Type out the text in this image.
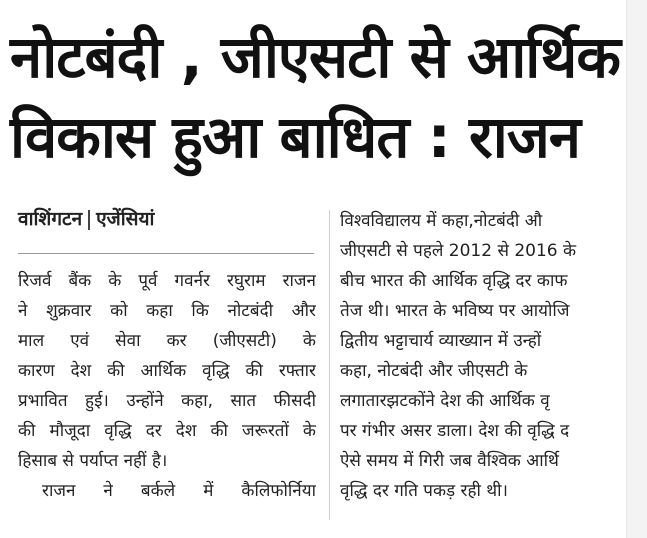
नोटबंदी , जीएसटी से आर्थिक
विकास हुआ बाधित : राजन
वाशिंगटन एजेंसियां
रिजर्व बैंक के पूर्व गवर्नर रघुराम राजन
ने शुक्रवार को कहा कि नोटबंदी और
माल एवं सेवा कर (जीएसटी) के
कारण देश की आर्थिक वृद्धि की रफ्तार
प्रभावित हुई। उन्होंने कहा, सात फीसदी
की मौजूदा वृद्धि दर देश की जरूरतों के
हिसाब से पर्याप्त नहीं है।
राजन ने बर्कले में कैलिफोर्निया
विश्वविद्यालय में कहा,नोटबंदी औ
जीएसटी से पहले 2012 से 2016 के
बीच भारत की आर्थिक वृद्धि दर काफ
तेज थी। भारत के भविष्य पर आयोजि
द्वितीय भट्टाचार्य व्याख्यान में उन्हों
कहा, नोटबंदी और जीएसटी के
लगातारझटकोंने देश की आर्थिक वृ
पर गंभीर असर डाला। देश की वृद्धि द
ऐसे समय में गिरी जब वैश्विक आर्थि
वृद्धि दर गति पकड़ रही थी।
